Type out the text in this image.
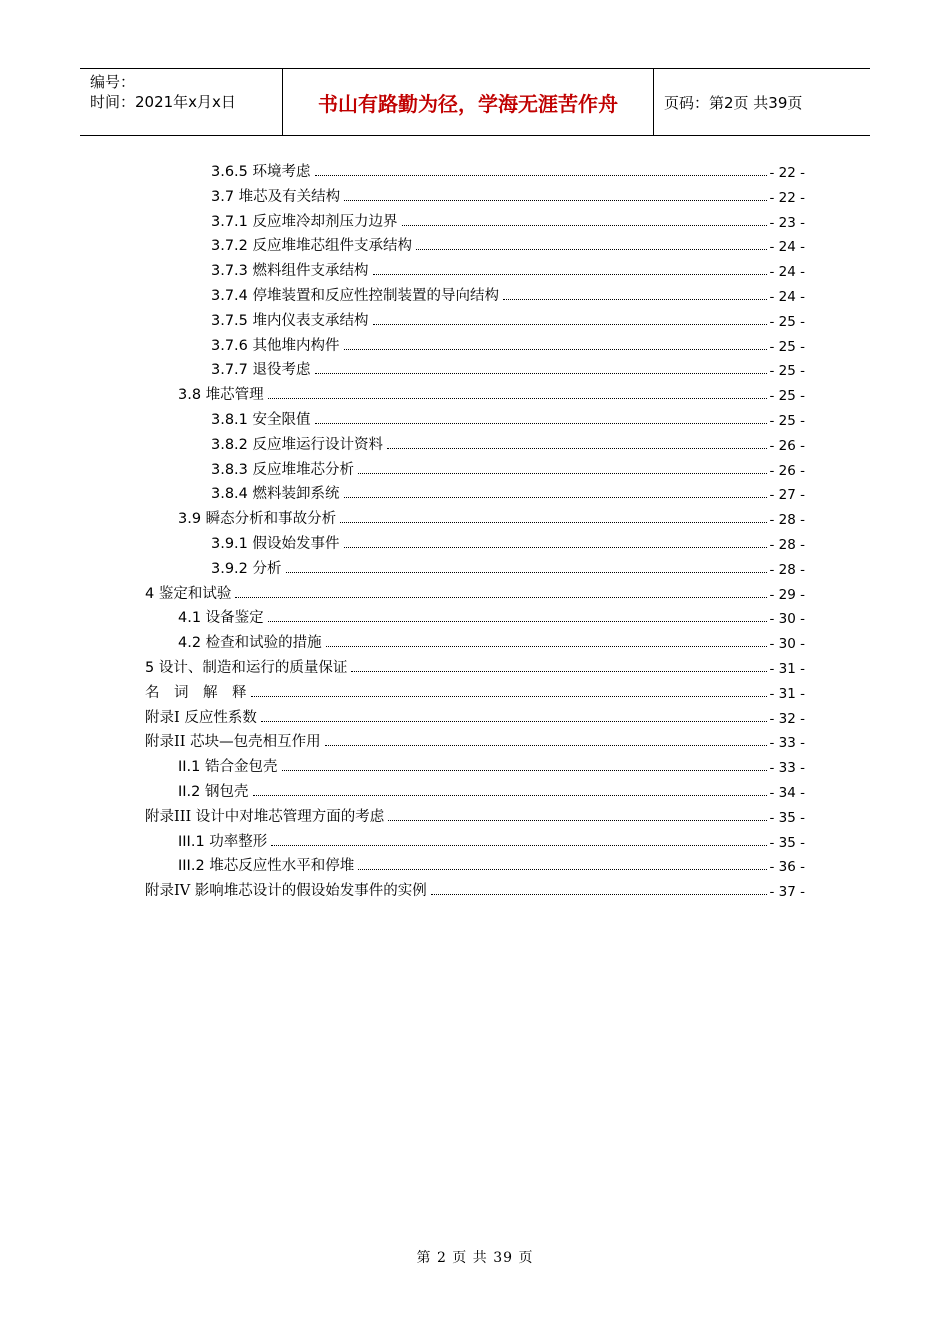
编号：
时间：2021年x月x日	书山有路勤为径，学海无涯苦作舟	页码：第2页 共39页
3.6.5 环境考虑	- 22 -
3.7 堆芯及有关结构	- 22 -
3.7.1 反应堆冷却剂压力边界	- 23 -
3.7.2 反应堆堆芯组件支承结构	- 24 -
3.7.3 燃料组件支承结构	- 24 -
3.7.4 停堆装置和反应性控制装置的导向结构	- 24 -
3.7.5 堆内仪表支承结构	- 25 -
3.7.6 其他堆内构件	- 25 -
3.7.7 退役考虑	- 25 -
3.8 堆芯管理	- 25 -
3.8.1 安全限值	- 25 -
3.8.2 反应堆运行设计资料	- 26 -
3.8.3 反应堆堆芯分析	- 26 -
3.8.4 燃料装卸系统	- 27 -
3.9 瞬态分析和事故分析	- 28 -
3.9.1 假设始发事件	- 28 -
3.9.2 分析	- 28 -
4 鉴定和试验	- 29 -
4.1 设备鉴定	- 30 -
4.2 检查和试验的措施	- 30 -
5 设计、制造和运行的质量保证	- 31 -
名　词　解　释	- 31 -
附录I 反应性系数	- 32 -
附录II 芯块—包壳相互作用	- 33 -
II.1 锆合金包壳	- 33 -
II.2 钢包壳	- 34 -
附录III 设计中对堆芯管理方面的考虑	- 35 -
III.1 功率整形	- 35 -
III.2 堆芯反应性水平和停堆	- 36 -
附录IV 影响堆芯设计的假设始发事件的实例	- 37 -
第 2 页 共 39 页
